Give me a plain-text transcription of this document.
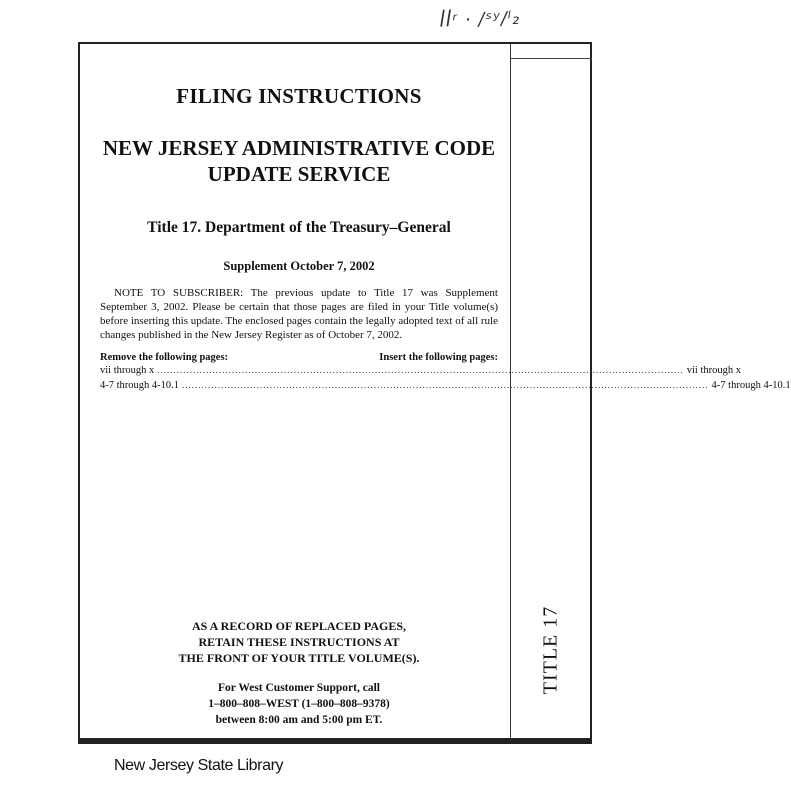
ꟾꟾʳ · /ˢʸ/ˡ₂
TITLE 17
FILING INSTRUCTIONS
NEW JERSEY ADMINISTRATIVE CODE
UPDATE SERVICE
Title 17. Department of the Treasury–General
Supplement October 7, 2002
NOTE TO SUBSCRIBER: The previous update to Title 17 was Supplement September 3, 2002. Please be certain that those pages are filed in your Title volume(s) before inserting this update. The enclosed pages contain the legally adopted text of all rule changes published in the New Jersey Register as of October 7, 2002.
Remove the following pages:	Insert the following pages:
vii through x .................................................................................................................................................................. vii through x
4-7 through 4-10.1 .................................................................................................................................................................. 4-7 through 4-10.1
AS A RECORD OF REPLACED PAGES,
RETAIN THESE INSTRUCTIONS AT
THE FRONT OF YOUR TITLE VOLUME(S).
For West Customer Support, call
1–800–808–WEST (1–800–808–9378)
between 8:00 am and 5:00 pm ET.
New Jersey State Library
